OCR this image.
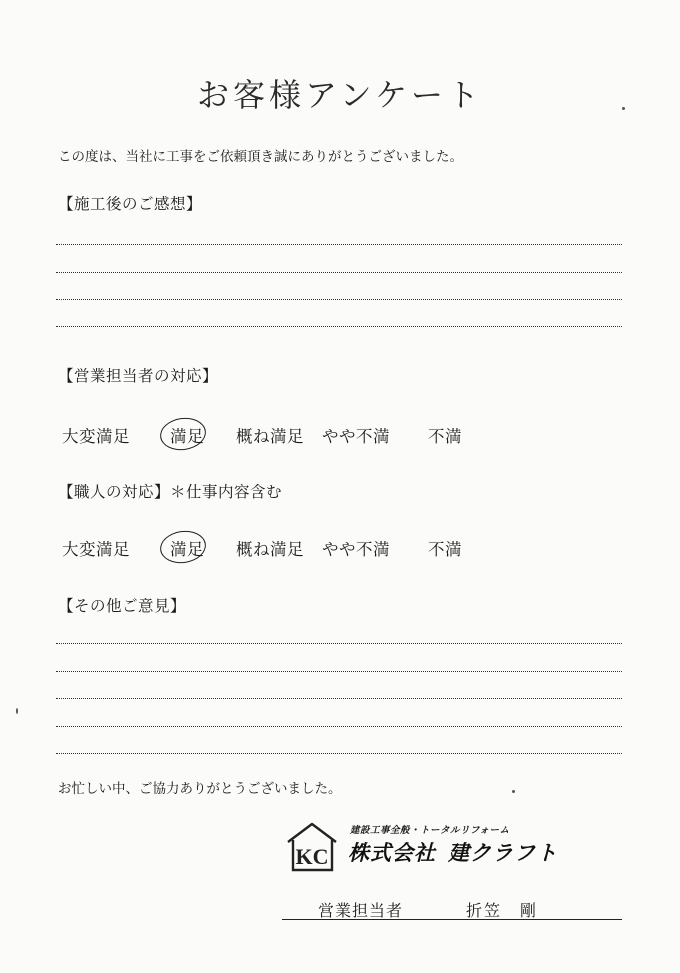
お客様アンケート
この度は、当社に工事をご依頼頂き誠にありがとうございました。
【施工後のご感想】
【営業担当者の対応】
大変満足 満足 概ね満足 やや不満 不満
【職人の対応】＊仕事内容含む
大変満足 満足 概ね満足 やや不満 不満
【その他ご意見】
お忙しい中、ご協力ありがとうございました。
KC
建設工事全般・トータルリフォーム
株式会社 建クラフト
営業担当者	折笠　剛
